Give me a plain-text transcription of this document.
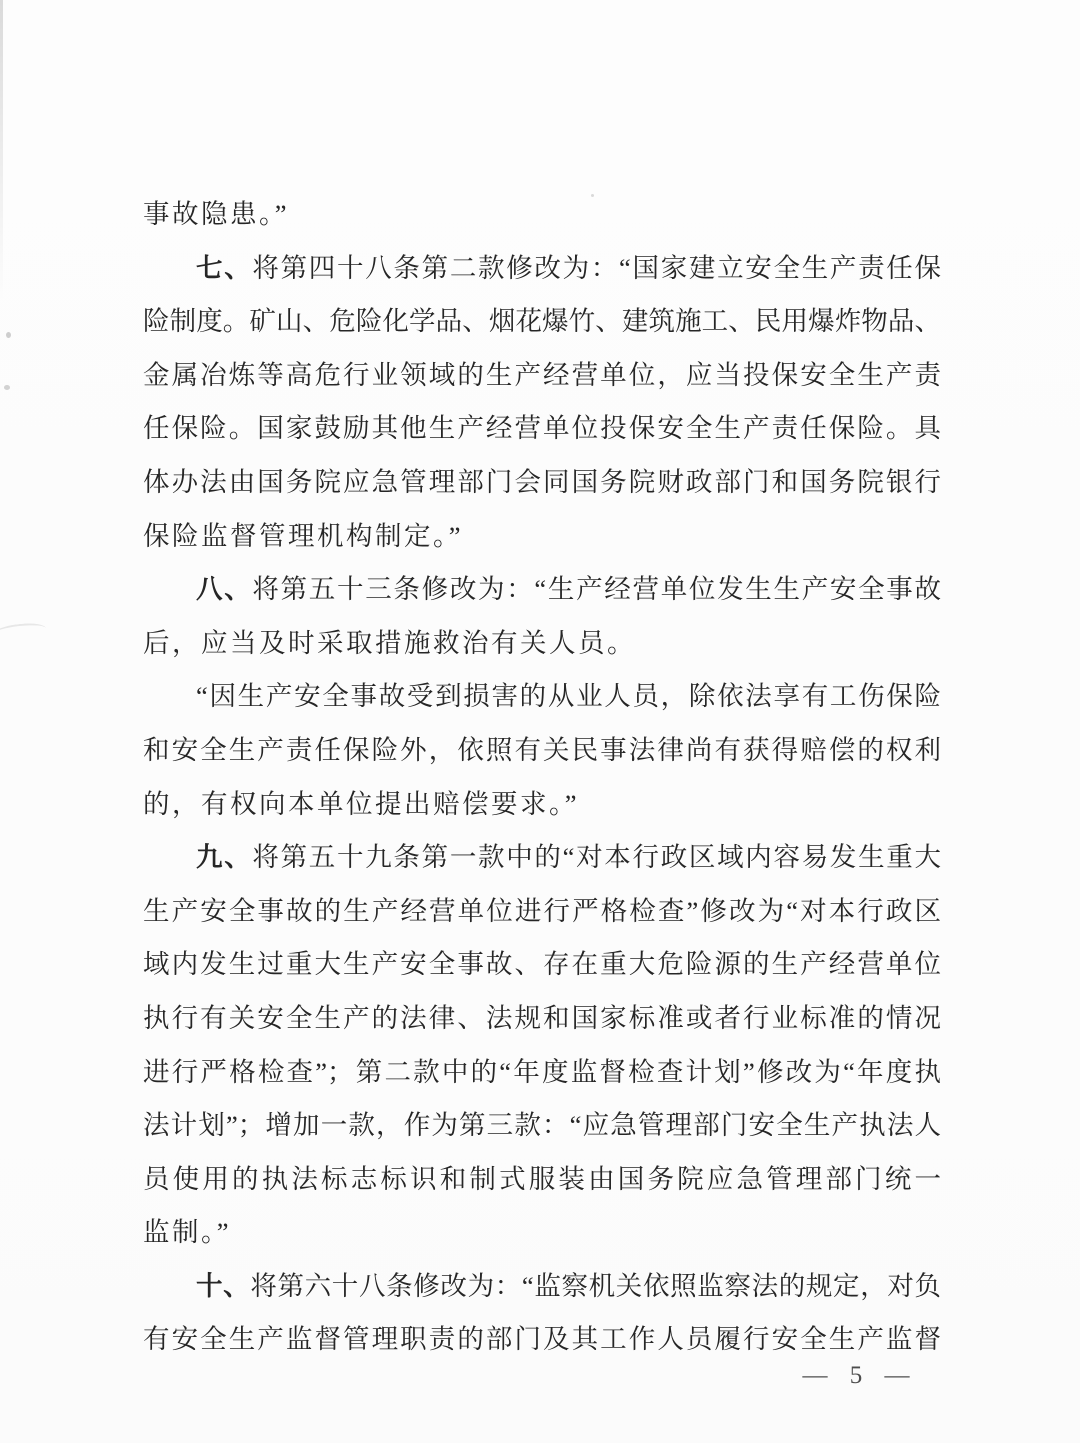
事故隐患。”
七、将第四十八条第二款修改为：“国家建立安全生产责任保
险制度。矿山、危险化学品、烟花爆竹、建筑施工、民用爆炸物品、
金属冶炼等高危行业领域的生产经营单位，应当投保安全生产责
任保险。国家鼓励其他生产经营单位投保安全生产责任保险。具
体办法由国务院应急管理部门会同国务院财政部门和国务院银行
保险监督管理机构制定。”
八、将第五十三条修改为：“生产经营单位发生生产安全事故
后，应当及时采取措施救治有关人员。
“因生产安全事故受到损害的从业人员，除依法享有工伤保险
和安全生产责任保险外，依照有关民事法律尚有获得赔偿的权利
的，有权向本单位提出赔偿要求。”
九、将第五十九条第一款中的“对本行政区域内容易发生重大
生产安全事故的生产经营单位进行严格检查”修改为“对本行政区
域内发生过重大生产安全事故、存在重大危险源的生产经营单位
执行有关安全生产的法律、法规和国家标准或者行业标准的情况
进行严格检查”；第二款中的“年度监督检查计划”修改为“年度执
法计划”；增加一款，作为第三款：“应急管理部门安全生产执法人
员使用的执法标志标识和制式服装由国务院应急管理部门统一
监制。”
十、将第六十八条修改为：“监察机关依照监察法的规定，对负
有安全生产监督管理职责的部门及其工作人员履行安全生产监督
— 5 —
